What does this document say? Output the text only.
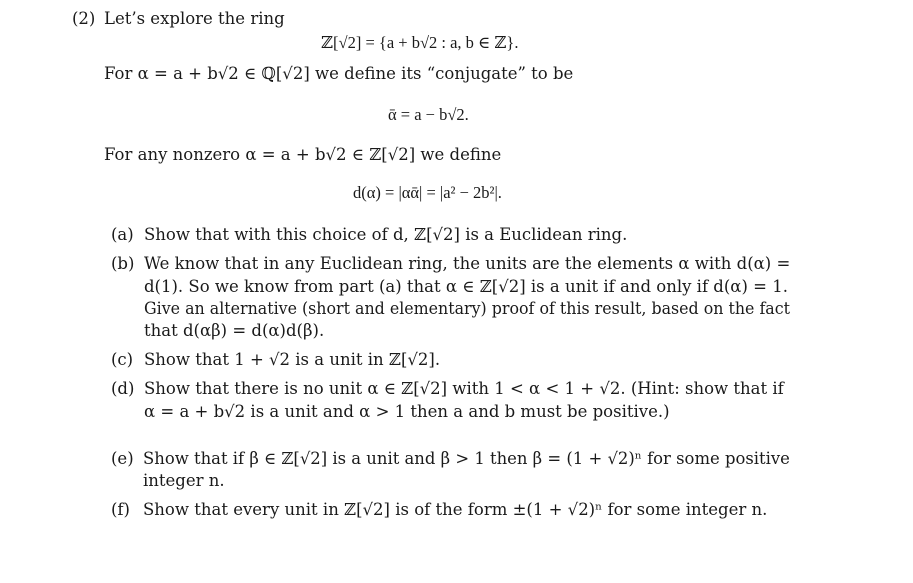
(2) Let’s explore the ring
ℤ[√2] = {a + b√2 : a, b ∈ ℤ}.
For α = a + b√2 ∈ ℚ[√2] we define its “conjugate” to be
ᾱ = a − b√2.
For any nonzero α = a + b√2 ∈ ℤ[√2] we define
d(α) = |αᾱ| = |a² − 2b²|.
(a) Show that with this choice of d, ℤ[√2] is a Euclidean ring.
(b) We know that in any Euclidean ring, the units are the elements α with d(α) =
d(1). So we know from part (a) that α ∈ ℤ[√2] is a unit if and only if d(α) = 1.
Give an alternative (short and elementary) proof of this result, based on the fact
that d(αβ) = d(α)d(β).
(c) Show that 1 + √2 is a unit in ℤ[√2].
(d) Show that there is no unit α ∈ ℤ[√2] with 1 < α < 1 + √2. (Hint: show that if
α = a + b√2 is a unit and α > 1 then a and b must be positive.)
(e) Show that if β ∈ ℤ[√2] is a unit and β > 1 then β = (1 + √2)ⁿ for some positive
integer n.
(f) Show that every unit in ℤ[√2] is of the form ±(1 + √2)ⁿ for some integer n.
